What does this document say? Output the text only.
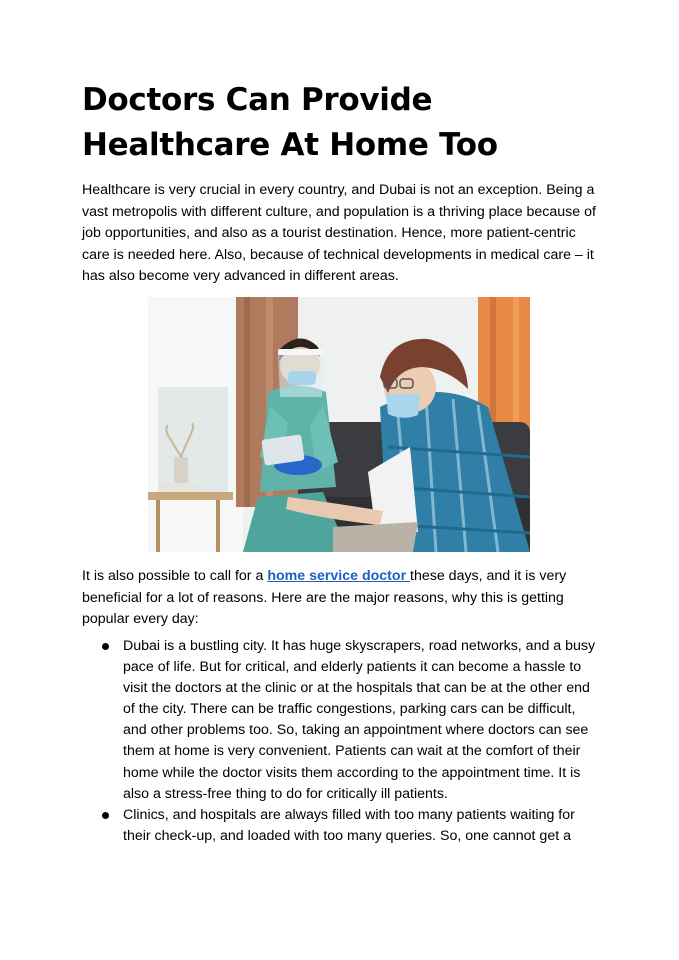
Doctors Can Provide Healthcare At Home Too

Healthcare is very crucial in every country, and Dubai is not an exception. Being a vast metropolis with different culture, and population is a thriving place because of job opportunities, and also as a tourist destination. Hence, more patient-centric care is needed here. Also, because of technical developments in medical care – it has also become very advanced in different areas.

It is also possible to call for a home service doctor these days, and it is very beneficial for a lot of reasons. Here are the major reasons, why this is getting popular every day:

Dubai is a bustling city. It has huge skyscrapers, road networks, and a busy pace of life. But for critical, and elderly patients it can become a hassle to visit the doctors at the clinic or at the hospitals that can be at the other end of the city. There can be traffic congestions, parking cars can be difficult, and other problems too. So, taking an appointment where doctors can see them at home is very convenient. Patients can wait at the comfort of their home while the doctor visits them according to the appointment time. It is also a stress-free thing to do for critically ill patients.
Clinics, and hospitals are always filled with too many patients waiting for their check-up, and loaded with too many queries. So, one cannot get a
